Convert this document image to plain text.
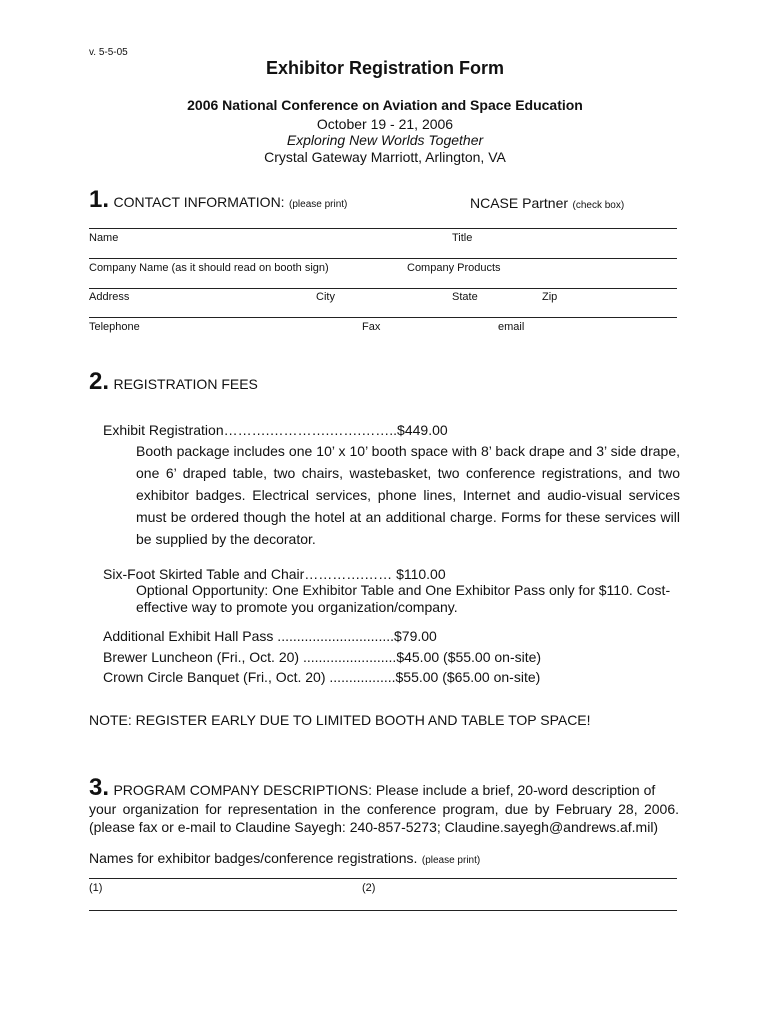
v. 5-5-05
Exhibitor Registration Form
2006 National Conference on Aviation and Space Education
October 19 - 21, 2006
Exploring New Worlds Together
Crystal Gateway Marriott, Arlington, VA
1. CONTACT INFORMATION: (please print)	NCASE Partner (check box)
Name	Title
Company Name (as it should read on booth sign)	Company Products
Address	City	State	Zip
Telephone	Fax	email
2. REGISTRATION FEES
Exhibit Registration……….………….…….……..$449.00
Booth package includes one 10’ x 10’ booth space with 8’ back drape and 3’ side drape, one 6’ draped table, two chairs, wastebasket, two conference registrations, and two exhibitor badges. Electrical services, phone lines, Internet and audio-visual services must be ordered though the hotel at an additional charge. Forms for these services will be supplied by the decorator.
Six-Foot Skirted Table and Chair………….…… $110.00
Optional Opportunity: One Exhibitor Table and One Exhibitor Pass only for $110. Cost-effective way to promote you organization/company.
Additional Exhibit Hall Pass ..............................$79.00
Brewer Luncheon (Fri., Oct. 20) ........................$45.00 ($55.00 on-site)
Crown Circle Banquet (Fri., Oct. 20) .................$55.00 ($65.00 on-site)
NOTE: REGISTER EARLY DUE TO LIMITED BOOTH AND TABLE TOP SPACE!
3. PROGRAM COMPANY DESCRIPTIONS: Please include a brief, 20-word description of
your organization for representation in the conference program, due by February 28, 2006. (please fax or e-mail to Claudine Sayegh: 240-857-5273; Claudine.sayegh@andrews.af.mil)
Names for exhibitor badges/conference registrations. (please print)
(1)	(2)
